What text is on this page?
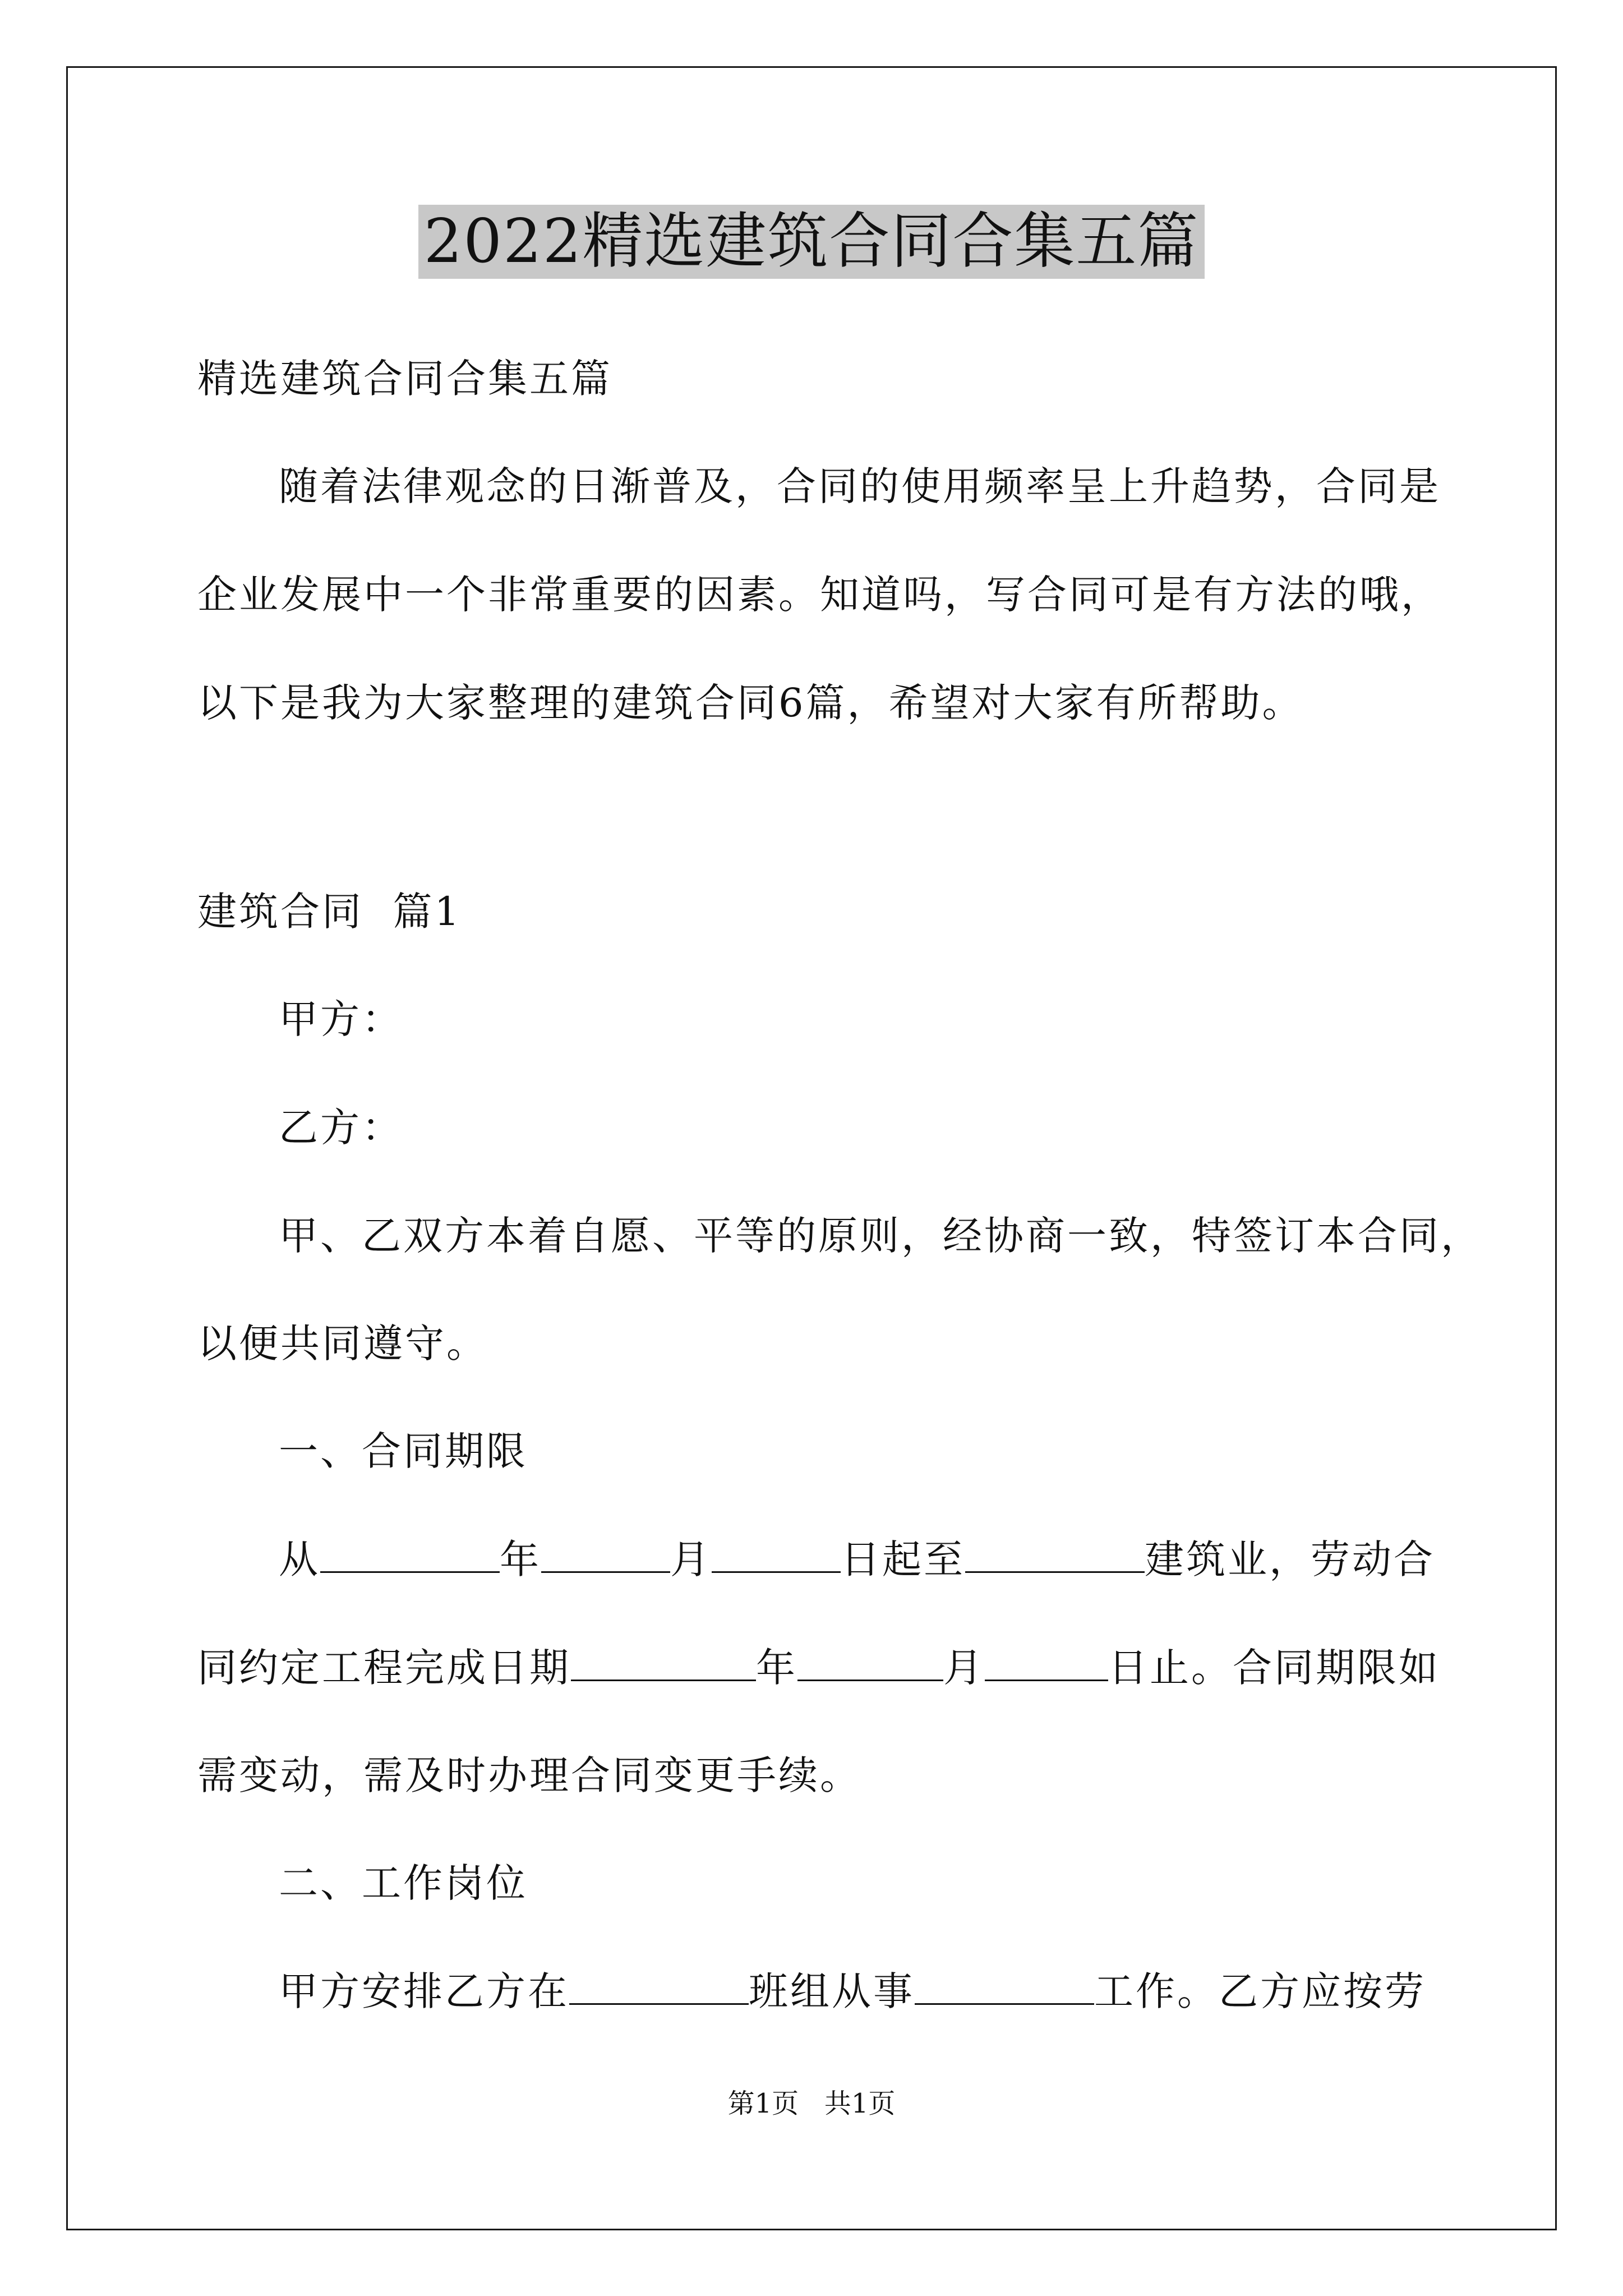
2022精选建筑合同合集五篇
精选建筑合同合集五篇
随着法律观念的日渐普及，合同的使用频率呈上升趋势，合同是
企业发展中一个非常重要的因素。知道吗，写合同可是有方法的哦，
以下是我为大家整理的建筑合同6篇，希望对大家有所帮助。
建筑合同  篇1
甲方：
乙方：
甲、乙双方本着自愿、平等的原则，经协商一致，特签订本合同，
以便共同遵守。
一、合同期限
从	年	月	日起至	建筑业，劳动合
同约定工程完成日期	年	月	日止。合同期限如
需变动，需及时办理合同变更手续。
二、工作岗位
甲方安排乙方在	班组从事	工作。乙方应按劳
第1页   共1页
